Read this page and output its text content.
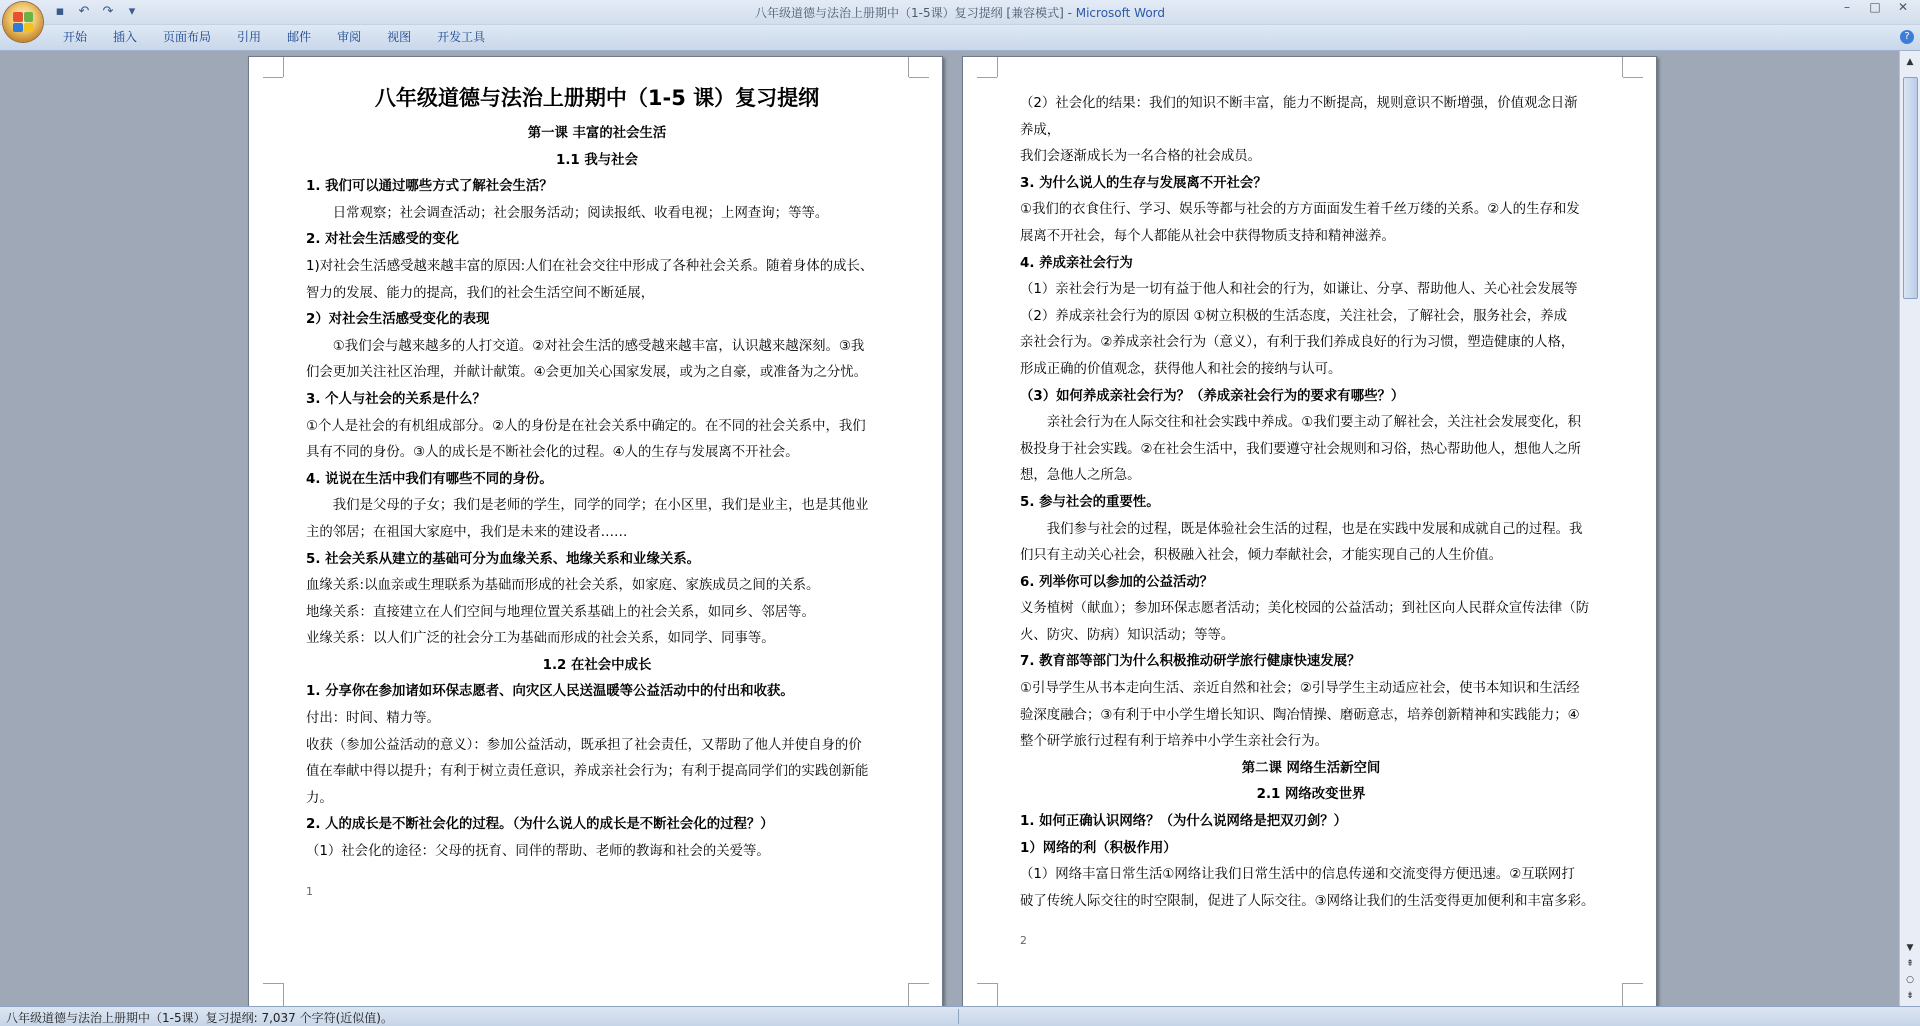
▪	↶	↷	▾	八年级道德与法治上册期中（1-5课）复习提纲 [兼容模式] - Microsoft Word	–	□	✕
开始	插入	页面布局	引用	邮件	审阅	视图	开发工具	?

八年级道德与法治上册期中（1-5 课）复习提纲

第一课 丰富的社会生活

1.1 我与社会

1. 我们可以通过哪些方式了解社会生活？

日常观察；社会调查活动；社会服务活动；阅读报纸、收看电视；上网查询；等等。

2. 对社会生活感受的变化

1)对社会生活感受越来越丰富的原因:人们在社会交往中形成了各种社会关系。随着身体的成长、

智力的发展、能力的提高，我们的社会生活空间不断延展，

2）对社会生活感受变化的表现

①我们会与越来越多的人打交道。②对社会生活的感受越来越丰富，认识越来越深刻。③我

们会更加关注社区治理，并献计献策。④会更加关心国家发展，或为之自豪，或准备为之分忧。

3. 个人与社会的关系是什么？

①个人是社会的有机组成部分。②人的身份是在社会关系中确定的。在不同的社会关系中，我们

具有不同的身份。③人的成长是不断社会化的过程。④人的生存与发展离不开社会。

4. 说说在生活中我们有哪些不同的身份。

我们是父母的子女；我们是老师的学生，同学的同学；在小区里，我们是业主，也是其他业

主的邻居；在祖国大家庭中，我们是未来的建设者……

5. 社会关系从建立的基础可分为血缘关系、地缘关系和业缘关系。

血缘关系:以血亲或生理联系为基础而形成的社会关系，如家庭、家族成员之间的关系。

地缘关系：直接建立在人们空间与地理位置关系基础上的社会关系，如同乡、邻居等。

业缘关系：以人们广泛的社会分工为基础而形成的社会关系，如同学、同事等。

1.2 在社会中成长

1. 分享你在参加诸如环保志愿者、向灾区人民送温暖等公益活动中的付出和收获。

付出：时间、精力等。

收获（参加公益活动的意义）：参加公益活动，既承担了社会责任，又帮助了他人并使自身的价

值在奉献中得以提升；有利于树立责任意识，养成亲社会行为；有利于提高同学们的实践创新能

力。

2. 人的成长是不断社会化的过程。（为什么说人的成长是不断社会化的过程？）

（1）社会化的途径：父母的抚育、同伴的帮助、老师的教诲和社会的关爱等。

1

（2）社会化的结果：我们的知识不断丰富，能力不断提高，规则意识不断增强，价值观念日渐

养成，

我们会逐渐成长为一名合格的社会成员。

3. 为什么说人的生存与发展离不开社会？

①我们的衣食住行、学习、娱乐等都与社会的方方面面发生着千丝万缕的关系。②人的生存和发

展离不开社会，每个人都能从社会中获得物质支持和精神滋养。

4. 养成亲社会行为

（1）亲社会行为是一切有益于他人和社会的行为，如谦让、分享、帮助他人、关心社会发展等

（2）养成亲社会行为的原因 ①树立积极的生活态度，关注社会，了解社会，服务社会，养成

亲社会行为。②养成亲社会行为（意义），有利于我们养成良好的行为习惯，塑造健康的人格，

形成正确的价值观念，获得他人和社会的接纳与认可。

（3）如何养成亲社会行为？（养成亲社会行为的要求有哪些？）

亲社会行为在人际交往和社会实践中养成。①我们要主动了解社会，关注社会发展变化，积

极投身于社会实践。②在社会生活中，我们要遵守社会规则和习俗，热心帮助他人，想他人之所

想，急他人之所急。

5. 参与社会的重要性。

我们参与社会的过程，既是体验社会生活的过程，也是在实践中发展和成就自己的过程。我

们只有主动关心社会，积极融入社会，倾力奉献社会，才能实现自己的人生价值。

6. 列举你可以参加的公益活动？

义务植树（献血）；参加环保志愿者活动；美化校园的公益活动；到社区向人民群众宣传法律（防

火、防灾、防病）知识活动；等等。

7. 教育部等部门为什么积极推动研学旅行健康快速发展？

①引导学生从书本走向生活、亲近自然和社会；②引导学生主动适应社会，使书本知识和生活经

验深度融合；③有利于中小学生增长知识、陶冶情操、磨砺意志，培养创新精神和实践能力；④

整个研学旅行过程有利于培养中小学生亲社会行为。

第二课 网络生活新空间

2.1 网络改变世界

1. 如何正确认识网络？（为什么说网络是把双刃剑？）

1）网络的利（积极作用）

（1）网络丰富日常生活①网络让我们日常生活中的信息传递和交流变得方便迅速。②互联网打

破了传统人际交往的时空限制，促进了人际交往。③网络让我们的生活变得更加便利和丰富多彩。

2

▲
▼
⇞
○
⇟
八年级道德与法治上册期中（1-5课）复习提纲: 7,037 个字符(近似值)。
